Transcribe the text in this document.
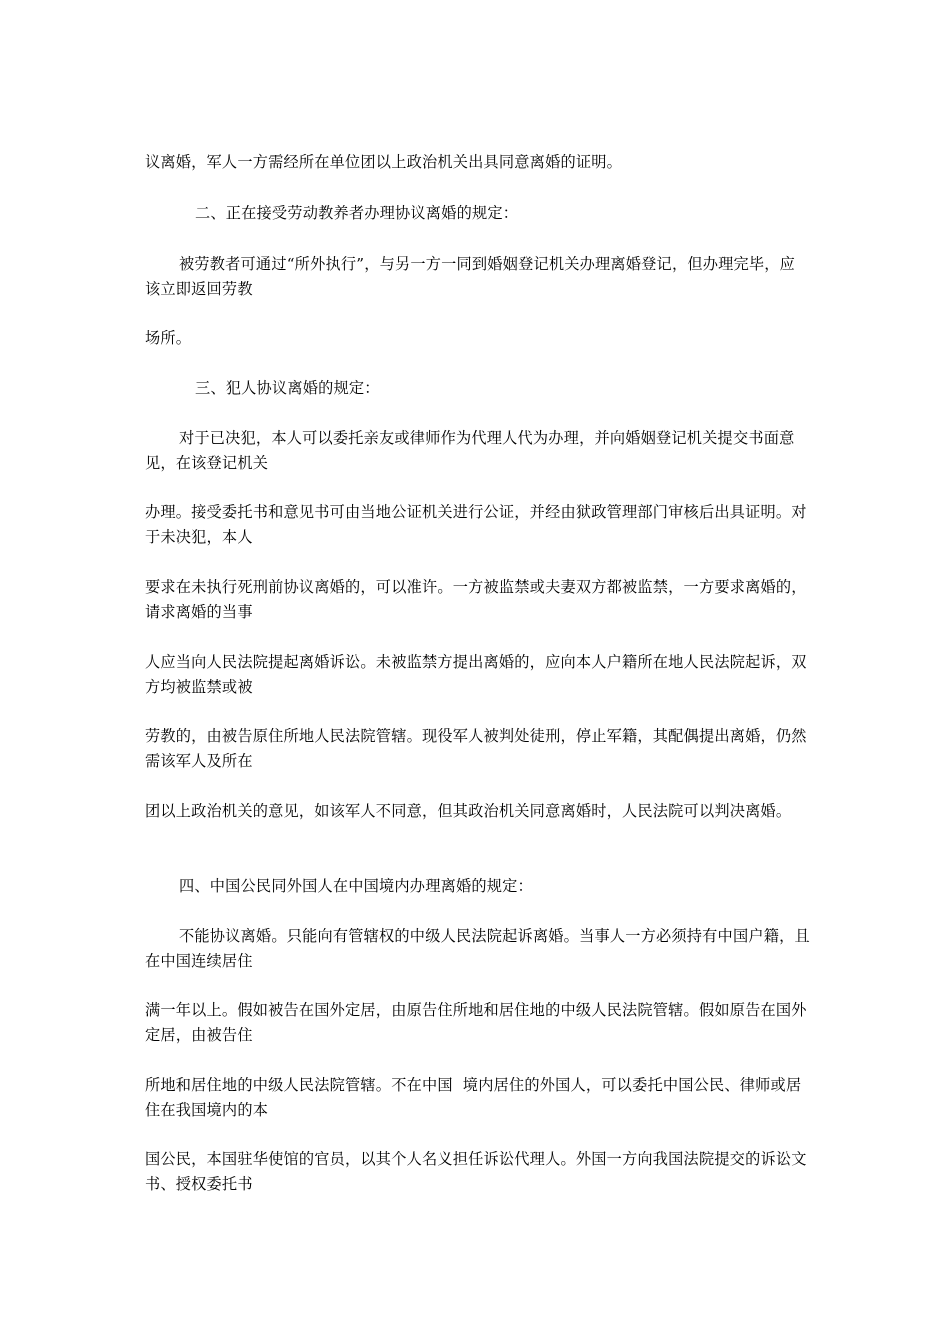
议离婚，军人一方需经所在单位团以上政治机关出具同意离婚的证明。
二、正在接受劳动教养者办理协议离婚的规定：
被劳教者可通过“所外执行”，与另一方一同到婚姻登记机关办理离婚登记，但办理完毕，应该立即返回劳教
场所。
三、犯人协议离婚的规定：
对于已决犯，本人可以委托亲友或律师作为代理人代为办理，并向婚姻登记机关提交书面意见，在该登记机关
办理。接受委托书和意见书可由当地公证机关进行公证，并经由狱政管理部门审核后出具证明。对于未决犯，本人
要求在未执行死刑前协议离婚的，可以准许。一方被监禁或夫妻双方都被监禁，一方要求离婚的，请求离婚的当事
人应当向人民法院提起离婚诉讼。未被监禁方提出离婚的，应向本人户籍所在地人民法院起诉，双方均被监禁或被
劳教的，由被告原住所地人民法院管辖。现役军人被判处徒刑，停止军籍，其配偶提出离婚，仍然需该军人及所在
团以上政治机关的意见，如该军人不同意，但其政治机关同意离婚时，人民法院可以判决离婚。
四、中国公民同外国人在中国境内办理离婚的规定：
不能协议离婚。只能向有管辖权的中级人民法院起诉离婚。当事人一方必须持有中国户籍，且在中国连续居住
满一年以上。假如被告在国外定居，由原告住所地和居住地的中级人民法院管辖。假如原告在国外定居，由被告住
所地和居住地的中级人民法院管辖。不在中国  境内居住的外国人，可以委托中国公民、律师或居住在我国境内的本
国公民，本国驻华使馆的官员，以其个人名义担任诉讼代理人。外国一方向我国法院提交的诉讼文书、授权委托书
